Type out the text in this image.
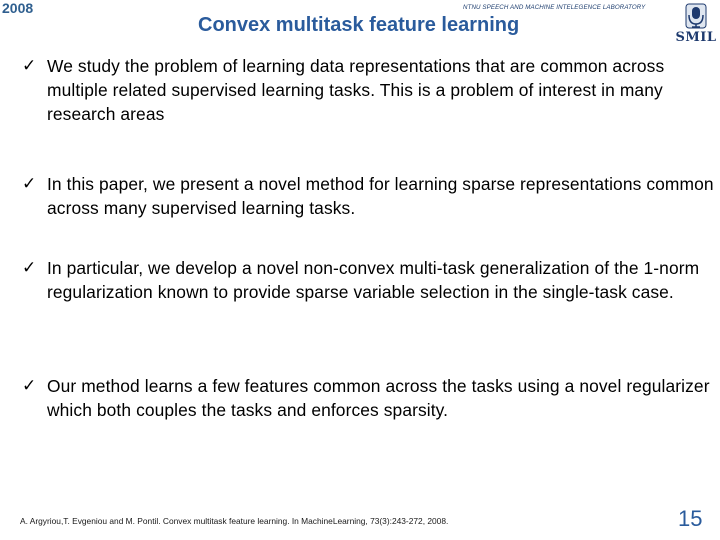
2008	NTNU SPEECH AND MACHINE INTELEGENCE LABORATORY
Convex multitask feature learning
SMIL
✓ We study the problem of learning data representations that are common across multiple related supervised learning tasks. This is a problem of interest in many research areas
✓ In this paper, we present a novel method for learning sparse representations common across many supervised learning tasks.
✓ In particular, we develop a novel non-convex multi-task generalization of the 1-norm regularization known to provide sparse variable selection in the single-task case.
✓ Our method learns a few features common across the tasks using a novel regularizer which both couples the tasks and enforces sparsity.
A. Argyriou,T. Evgeniou and M. Pontil. Convex multitask feature learning. In MachineLearning, 73(3):243-272, 2008.	15
